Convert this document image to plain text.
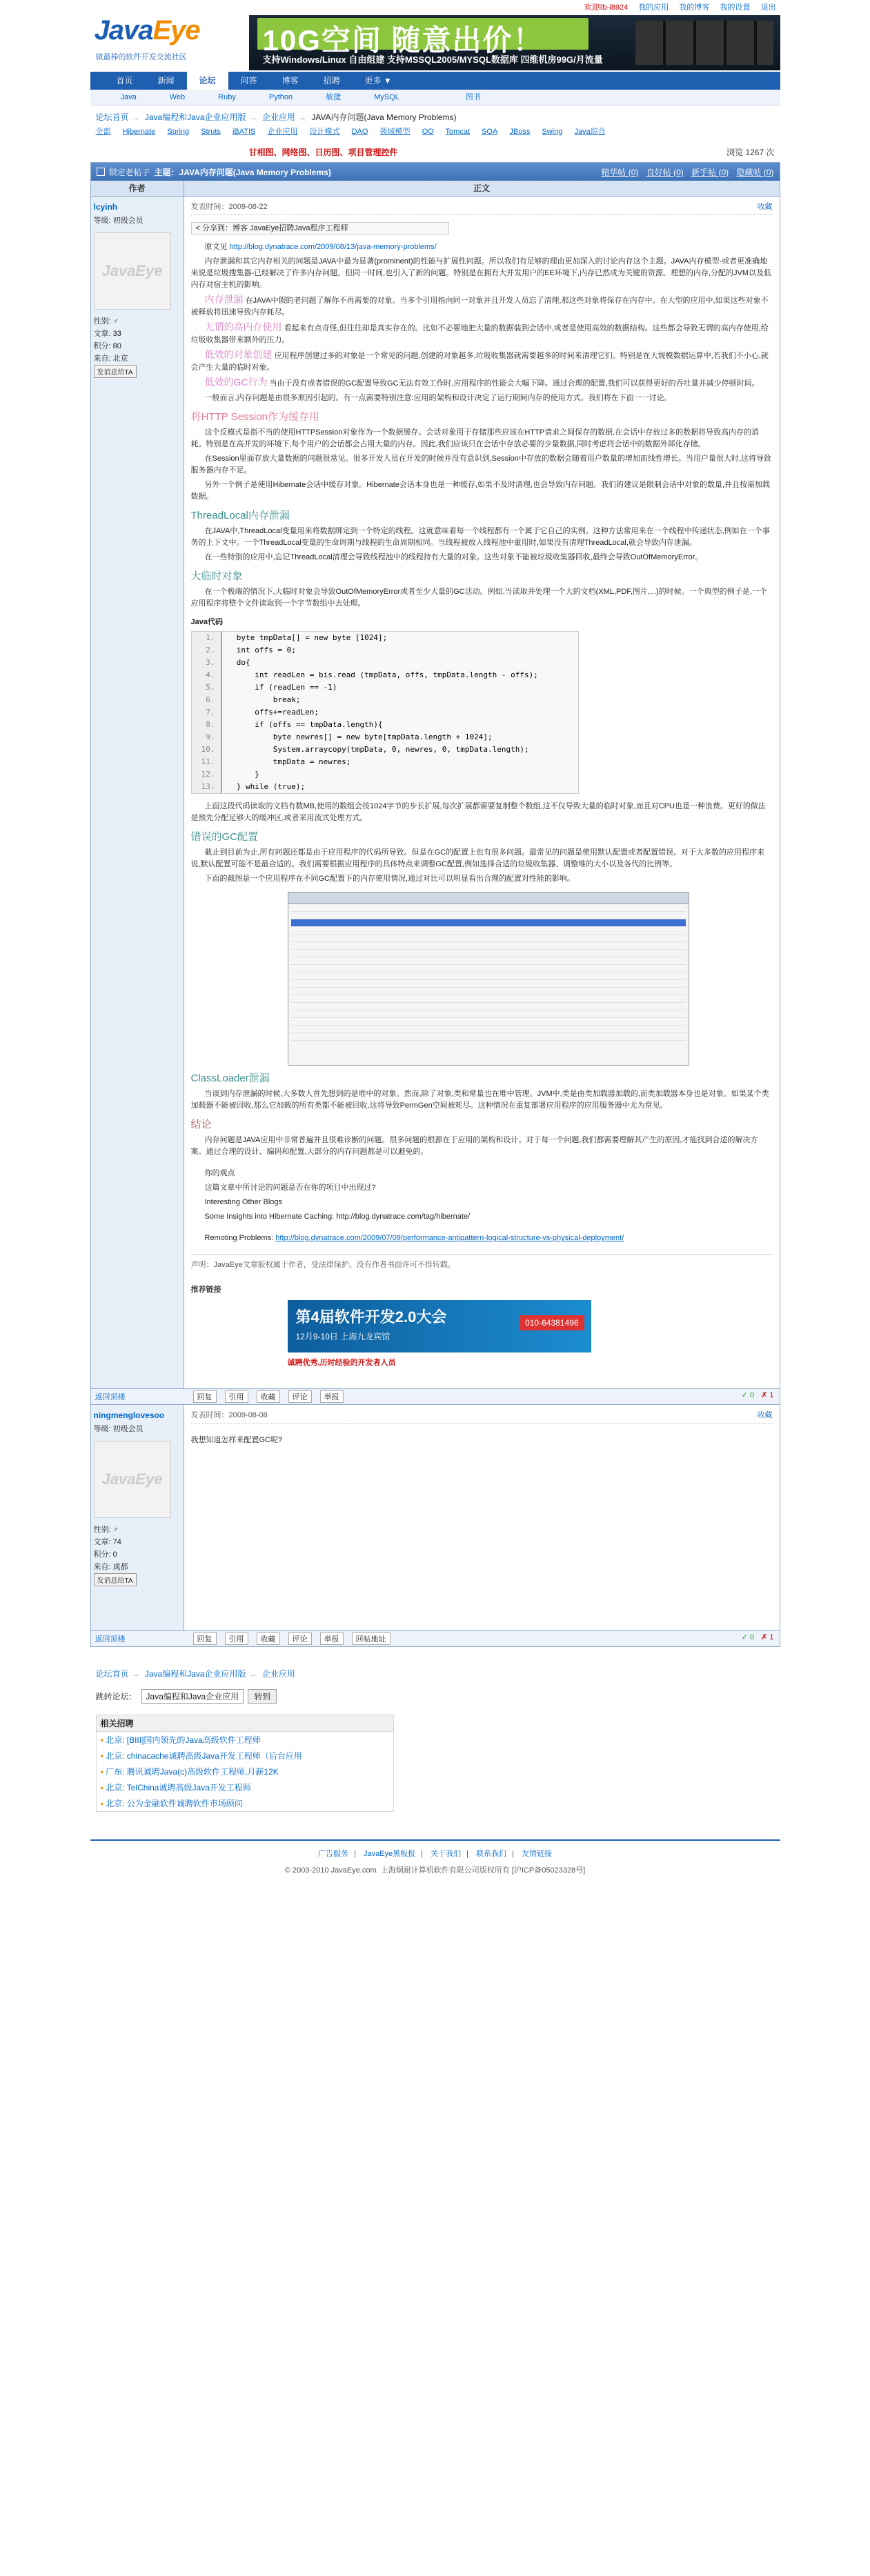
欢迎ilb-i8924 我的应用 我的博客 我的设置 退出
JavaEye
做最棒的软件开发交流社区
10G空间 随意出价！
支持Windows/Linux 自由组建 支持MSSQL2005/MYSQL数据库 四维机房99G/月流量
首页	新闻	论坛	问答	博客	招聘	更多 ▼
Java	Web	Ruby	Python	敏捷	MySQL	图书
论坛首页 → Java编程和Java企业应用版 → 企业应用 → JAVA内存问题(Java Memory Problems)
全部 Hibernate Spring Struts iBATIS 企业应用 设计模式 DAO 领域模型 OO Tomcat SOA JBoss Swing Java综合
甘相图、网络图、日历图、项目管理控件	浏览 1267 次
锁定老帖子 主题：JAVA内存问题(Java Memory Problems)	精华帖 (0) 良好帖 (0) 新手帖 (0) 隐藏帖 (0)
作者	正文
lcyinh
等级: 初级会员
JavaEye
性别: ♂
文章: 33
积分: 80
来自: 北京
发消息给TA
发表时间：2009-08-22	收藏
< 分享到：博客 JavaEye招聘Java程序工程师

原文见 http://blog.dynatrace.com/2009/08/13/java-memory-problems/

内存泄漏和其它内存相关的问题是JAVA中最为显著(prominent)的性能与扩展性问题。所以我们有足够的理由更加深入的讨论内存这个主题。JAVA内存模型-或者更准确地来说是垃圾搜集器-已经解决了许多内存问题。但同一时间,也引入了新的问题。特别是在拥有大并发用户的EE环境下,内存已然成为关键的资源。理想的内存,分配的JVM以及低内存对宿主机的影响。

内存泄漏 在JAVA中假的老问题了解你不再需要的对象。当多个引用指向同一对象并且开发人员忘了清理,那这些对象将保存在内存中。在大型的应用中,如果这些对象不被释放将迅速导致内存耗尽。

无谓的高内存使用 看起来有点奇怪,但往往却是真实存在的。比如不必要地把大量的数据装到会话中,或者是使用高效的数据结构。这些都会导致无谓的高内存使用,给垃圾收集器带来额外的压力。

低效的对象创建 应用程序创建过多的对象是一个常见的问题,创建的对象越多,垃圾收集器就需要越多的时间来清理它们。特别是在大规模数据运算中,若我们不小心,就会产生大量的临时对象。

低效的GC行为 当由于没有或者错误的GC配置导致GC无法有效工作时,应用程序的性能会大幅下降。通过合理的配置,我们可以获得更好的吞吐量并减少停顿时间。

一般而言,内存问题是由很多原因引起的。有一点需要特别注意:应用的架构和设计决定了运行期间内存的使用方式。我们将在下面一一讨论。

将HTTP Session作为缓存用

这个反模式是指不当的使用HTTPSession对象作为一个数据缓存。会话对象用于存储那些应该在HTTP请求之间保存的数据,在会话中存放过多的数据将导致高内存的消耗。特别是在高并发的环境下,每个用户的会话都会占用大量的内存。因此,我们应该只在会话中存放必要的少量数据,同时考虑将会话中的数据外部化存储。

在Session里面存放大量数据的问题很常见。很多开发人员在开发的时候并没有意识到,Session中存放的数据会随着用户数量的增加而线性增长。当用户量很大时,这将导致服务器内存不足。

另外一个例子是使用Hibernate会话中缓存对象。Hibernate会话本身也是一种缓存,如果不及时清理,也会导致内存问题。我们的建议是限制会话中对象的数量,并且按需加载数据。

ThreadLocal内存泄漏

在JAVA中,ThreadLocal变量用来将数据绑定到一个特定的线程。这就意味着每一个线程都有一个属于它自己的实例。这种方法常用来在一个线程中传递状态,例如在一个事务的上下文中。一个ThreadLocal变量的生命周期与线程的生命周期相同。当线程被放入线程池中重用时,如果没有清理ThreadLocal,就会导致内存泄漏。

在一些特别的应用中,忘记ThreadLocal清理会导致线程池中的线程持有大量的对象。这些对象不能被垃圾收集器回收,最终会导致OutOfMemoryError。

大临时对象

在一个极端的情况下,大临时对象会导致OutOfMemoryError或者至少大量的GC活动。例如,当读取并处理一个大的文档(XML,PDF,图片,...)的时候。一个典型的例子是,一个应用程序将整个文件读取到一个字节数组中去处理。

Java代码
1.	byte tmpData[] = new byte [1024];
2.	int offs = 0;
3.	do{
4.	int readLen = bis.read (tmpData, offs, tmpData.length - offs);
5.	if (readLen == -1)
6.	break;
7.	offs+=readLen;
8.	if (offs == tmpData.length){
9.	byte newres[] = new byte[tmpData.length + 1024];
10.	System.arraycopy(tmpData, 0, newres, 0, tmpData.length);
11.	tmpData = newres;
12.	}
13.	} while (true);

上面这段代码读取的文档有数MB,使用的数组会按1024字节的步长扩展,每次扩展都需要复制整个数组,这不仅导致大量的临时对象,而且对CPU也是一种浪费。更好的做法是预先分配足够大的缓冲区,或者采用流式处理方式。

错误的GC配置

截止到目前为止,所有问题还都是由于应用程序的代码所导致。但是在GC的配置上也有很多问题。最常见的问题是使用默认配置或者配置错误。对于大多数的应用程序来说,默认配置可能不是最合适的。我们需要根据应用程序的具体特点来调整GC配置,例如选择合适的垃圾收集器、调整堆的大小以及各代的比例等。

下面的截图是一个应用程序在不同GC配置下的内存使用情况,通过对比可以明显看出合理的配置对性能的影响。

ClassLoader泄漏

当谈到内存泄漏的时候,大多数人首先想到的是堆中的对象。然而,除了对象,类和常量也在堆中管理。JVM中,类是由类加载器加载的,而类加载器本身也是对象。如果某个类加载器不能被回收,那么它加载的所有类都不能被回收,这将导致PermGen空间被耗尽。这种情况在重复部署应用程序的应用服务器中尤为常见。

结论

内存问题是JAVA应用中非常普遍并且很难诊断的问题。很多问题的根源在于应用的架构和设计。对于每一个问题,我们都需要理解其产生的原因,才能找到合适的解决方案。通过合理的设计、编码和配置,大部分的内存问题都是可以避免的。

你的观点

这篇文章中所讨论的问题是否在你的项目中出现过?

Interesting Other Blogs

Some Insights into Hibernate Caching: http://blog.dynatrace.com/tag/hibernate/

Remoting Problems: http://blog.dynatrace.com/2009/07/09/performance-antipattern-logical-structure-vs-physical-deployment/

声明：JavaEye文章版权属于作者，受法律保护。没有作者书面许可不得转载。
推荐链接
第4届软件开发2.0大会
12月9-10日 上海九龙宾馆
010-64381496
诚聘优秀,历时经验的开发者人员
返回顶楼	回复	引用	收藏	评论	举报	✓ 0 ✗ 1
ningmenglovesoo
等级: 初级会员
JavaEye
性别: ♂
文章: 74
积分: 0
来自: 成都
发消息给TA
发表时间：2009-08-08	收藏
我想知道怎样来配置GC呢?
返回顶楼	回复	引用	收藏	评论	举报	回帖地址	✓ 0 ✗ 1
论坛首页 → Java编程和Java企业应用版 → 企业应用
跳转论坛：	Java编程和Java企业应用	转到
相关招聘
▪ 北京: [BIII]国内领先的Java高级软件工程师
▪ 北京: chinacache诚聘高级Java开发工程师（后台应用
▪ 广东: 腾讯诚聘Java(c)高级软件工程师,月薪12K
▪ 北京: TelChina诚聘高级Java开发工程师
▪ 北京: 公为金融软件诚聘软件市场顾问
广告服务 | JavaEye黑板报 | 关于我们 | 联系我们 | 友情链接
© 2003-2010 JavaEye.com. 上海炯耐计算机软件有限公司版权所有 [沪ICP备05023328号]
